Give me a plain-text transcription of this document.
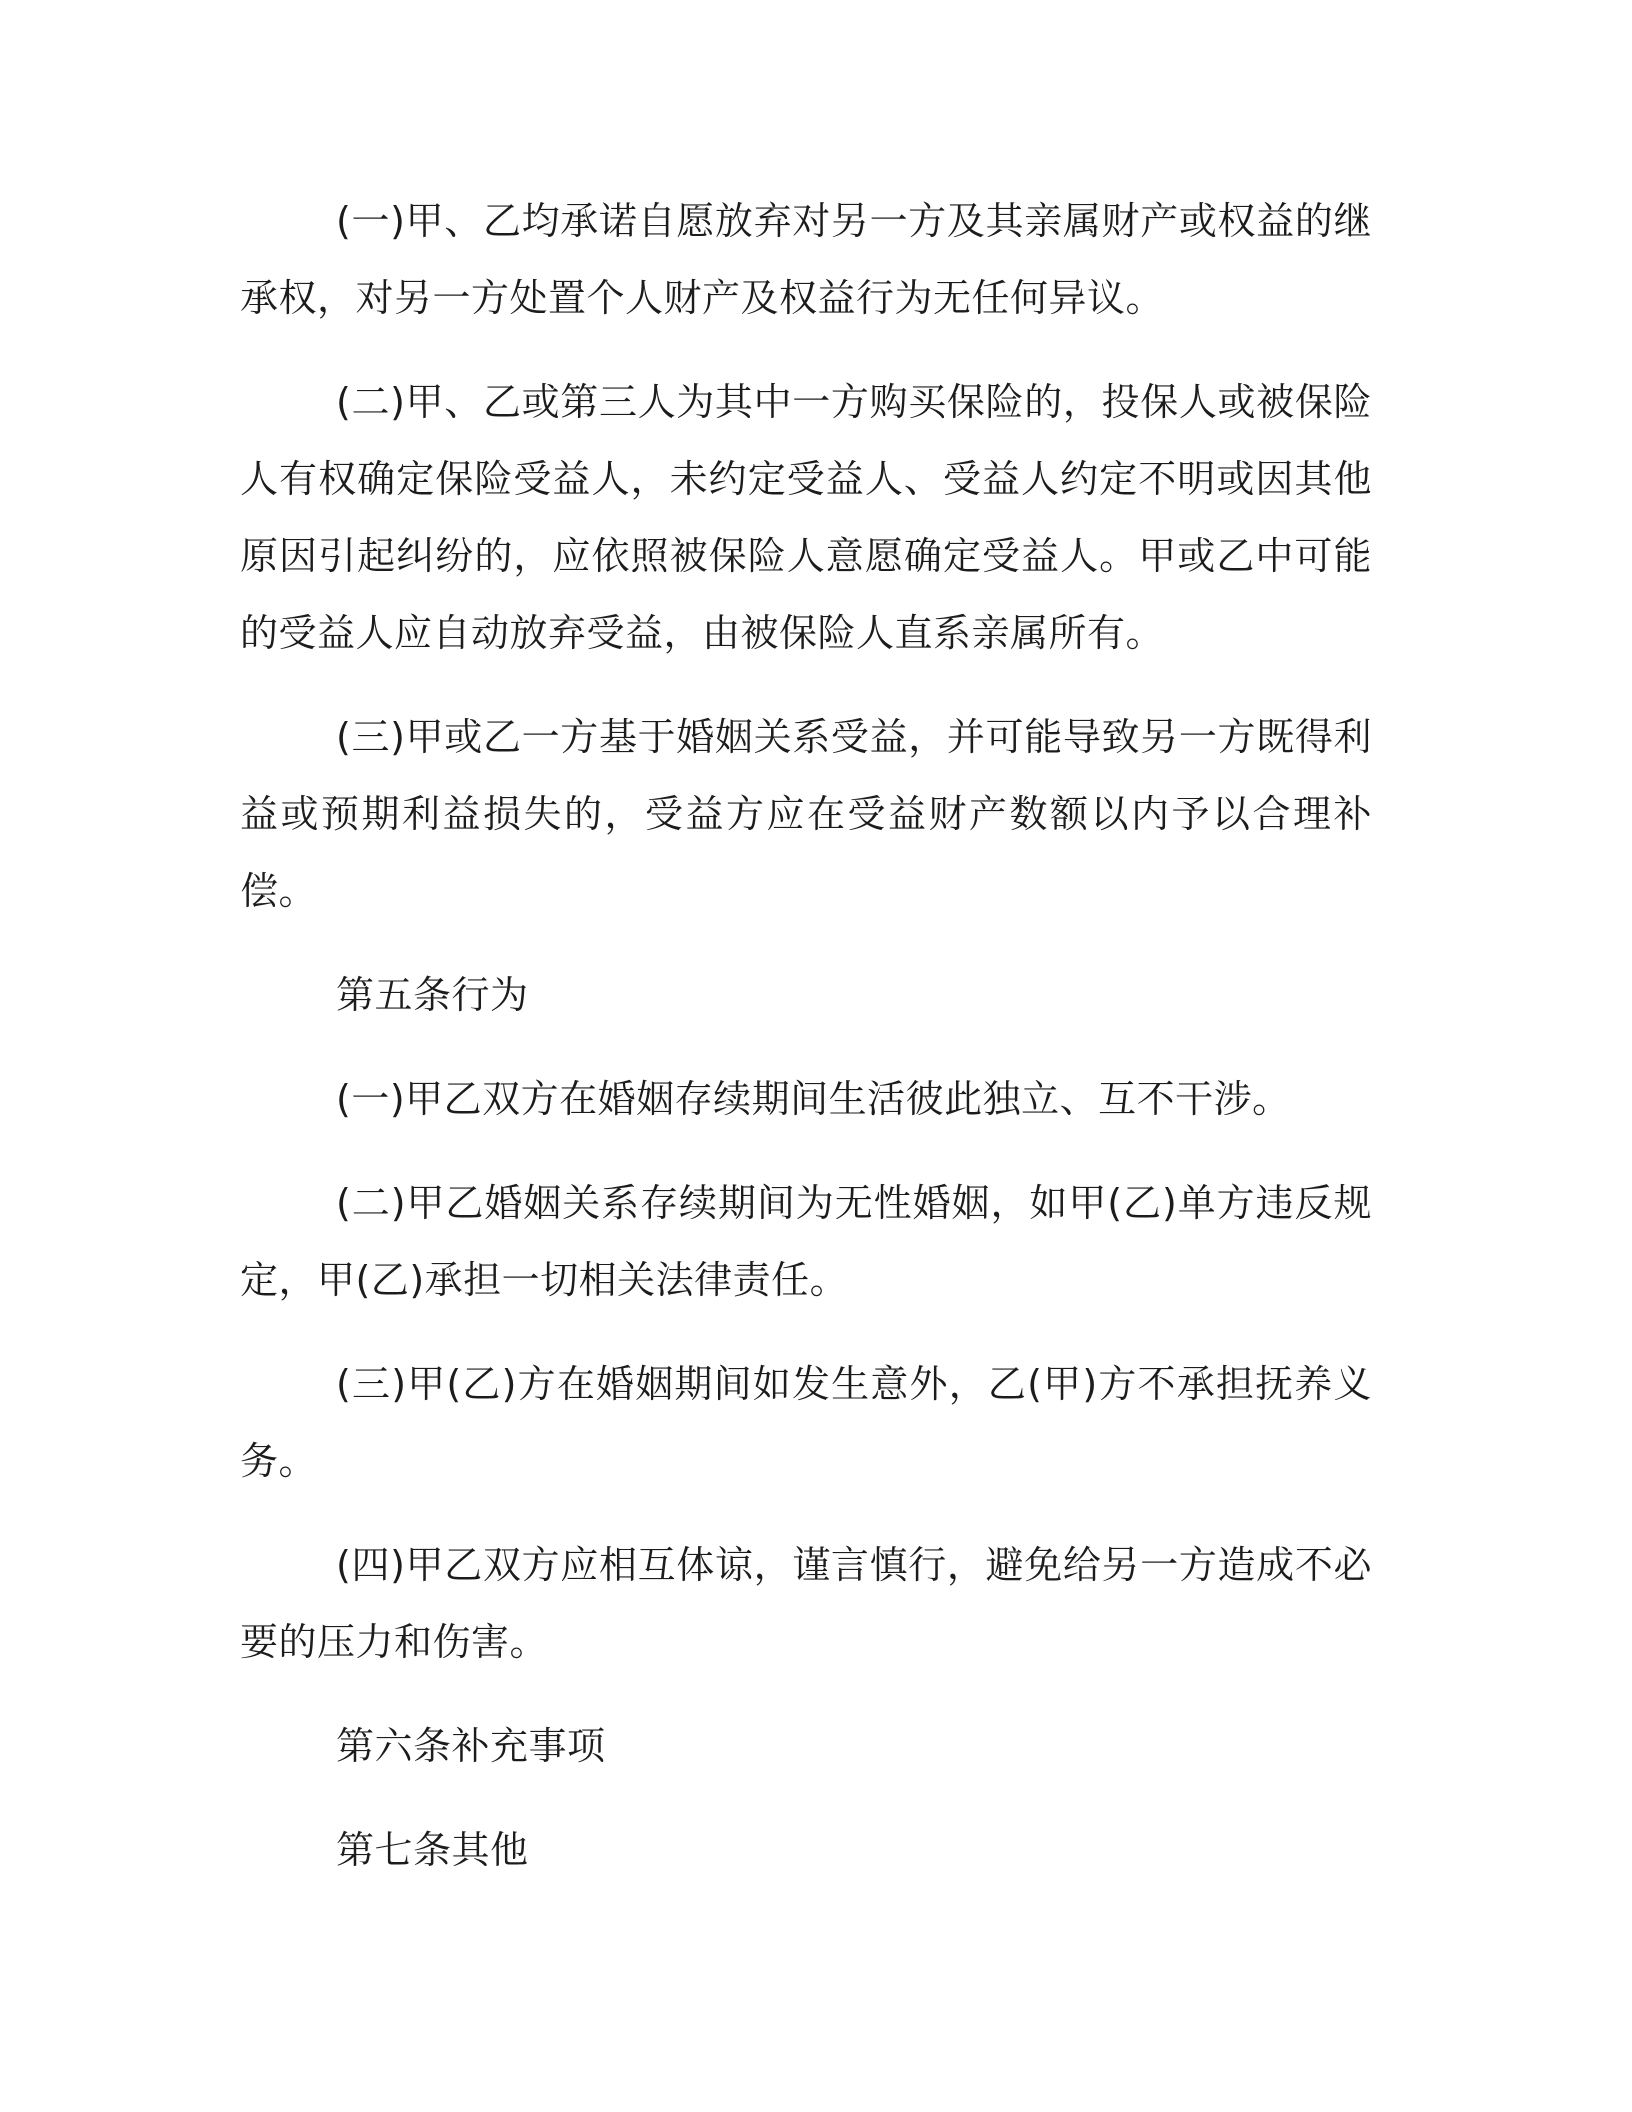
(一)甲、乙均承诺自愿放弃对另一方及其亲属财产或权益的继承权，对另一方处置个人财产及权益行为无任何异议。

(二)甲、乙或第三人为其中一方购买保险的，投保人或被保险人有权确定保险受益人，未约定受益人、受益人约定不明或因其他原因引起纠纷的，应依照被保险人意愿确定受益人。甲或乙中可能的受益人应自动放弃受益，由被保险人直系亲属所有。

(三)甲或乙一方基于婚姻关系受益，并可能导致另一方既得利益或预期利益损失的，受益方应在受益财产数额以内予以合理补偿。

第五条行为

(一)甲乙双方在婚姻存续期间生活彼此独立、互不干涉。

(二)甲乙婚姻关系存续期间为无性婚姻，如甲(乙)单方违反规定，甲(乙)承担一切相关法律责任。

(三)甲(乙)方在婚姻期间如发生意外，乙(甲)方不承担抚养义务。

(四)甲乙双方应相互体谅，谨言慎行，避免给另一方造成不必要的压力和伤害。

第六条补充事项

第七条其他
